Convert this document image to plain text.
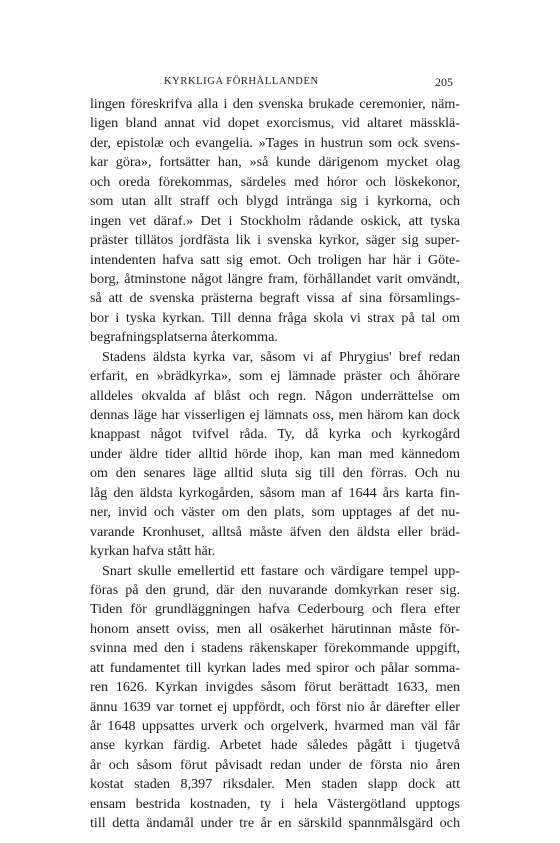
KYRKLIGA FÖRHÅLLANDEN	205
lingen föreskrifva alla i den svenska brukade ceremonier, näm-
ligen bland annat vid dopet exorcismus, vid altaret mässklä-
der, epistolæ och evangelia. »Tages in hustrun som ock svens-
kar göra», fortsätter han, »så kunde därigenom mycket olag
och oreda förekommas, särdeles med hóror och löskekonor,
som utan allt straff och blygd intränga sig i kyrkorna, och
ingen vet däraf.» Det i Stockholm rådande oskick, att tyska
präster tillätos jordfästa lik i svenska kyrkor, säger sig super-
intendenten hafva satt sig emot. Och troligen har här i Göte-
borg, åtminstone något längre fram, förhållandet varit omvändt,
så att de svenska prästerna begraft vissa af sina församlings-
bor i tyska kyrkan. Till denna fråga skola vi strax på tal om
begrafningsplatserna återkomma.
Stadens äldsta kyrka var, såsom vi af Phrygius' bref redan
erfarit, en »brädkyrka», som ej lämnade präster och åhörare
alldeles okvalda af blåst och regn. Någon underrättelse om
dennas läge har visserligen ej lämnats oss, men härom kan dock
knappast något tvifvel råda. Ty, då kyrka och kyrkogård
under äldre tider alltid hörde ihop, kan man med kännedom
om den senares läge alltid sluta sig till den förras. Och nu
låg den äldsta kyrkogården, såsom man af 1644 års karta fin-
ner, invid och väster om den plats, som upptages af det nu-
varande Kronhuset, alltså måste äfven den äldsta eller bräd-
kyrkan hafva stått här.
Snart skulle emellertid ett fastare och värdigare tempel upp-
föras på den grund, där den nuvarande domkyrkan reser sig.
Tiden för grundläggningen hafva Cederbourg och flera efter
honom ansett oviss, men all osäkerhet härutinnan måste för-
svinna med den i stadens räkenskaper förekommande uppgift,
att fundamentet till kyrkan lades med spiror och pålar somma-
ren 1626. Kyrkan invigdes såsom förut berättadt 1633, men
ännu 1639 var tornet ej uppfördt, och först nio år därefter eller
år 1648 uppsattes urverk och orgelverk, hvarmed man väl får
anse kyrkan färdig. Arbetet hade således pågått i tjugetvå
år och såsom förut påvisadt redan under de första nio åren
kostat staden 8,397 riksdaler. Men staden slapp dock att
ensam bestrida kostnaden, ty i hela Västergötland upptogs
till detta ändamål under tre år en särskild spannmålsgärd och
